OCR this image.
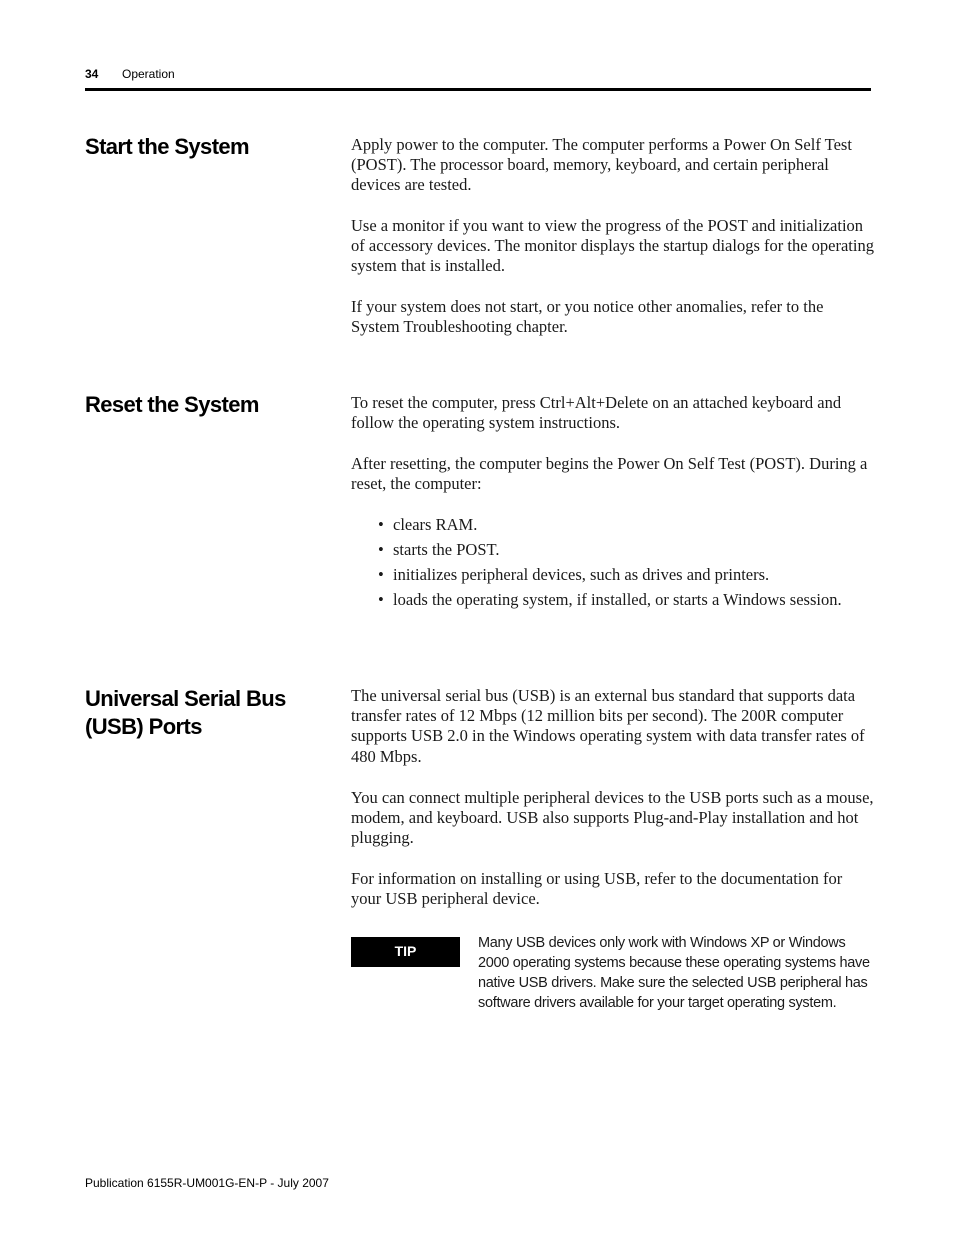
34 Operation
Start the System	Apply power to the computer. The computer performs a Power On Self Test (POST). The processor board, memory, keyboard, and certain peripheral devices are tested.

Use a monitor if you want to view the progress of the POST and initialization of accessory devices. The monitor displays the startup dialogs for the operating system that is installed.

If your system does not start, or you notice other anomalies, refer to the System Troubleshooting chapter.

Reset the System	To reset the computer, press Ctrl+Alt+Delete on an attached keyboard and follow the operating system instructions.

After resetting, the computer begins the Power On Self Test (POST). During a reset, the computer:

• clears RAM.
• starts the POST.
• initializes peripheral devices, such as drives and printers.
• loads the operating system, if installed, or starts a Windows session.
Universal Serial Bus (USB) Ports

The universal serial bus (USB) is an external bus standard that supports data transfer rates of 12 Mbps (12 million bits per second). The 200R computer supports USB 2.0 in the Windows operating system with data transfer rates of 480 Mbps.

You can connect multiple peripheral devices to the USB ports such as a mouse, modem, and keyboard. USB also supports Plug-and-Play installation and hot plugging.

For information on installing or using USB, refer to the documentation for your USB peripheral device.

TIP	Many USB devices only work with Windows XP or Windows 2000 operating systems because these operating systems have native USB drivers. Make sure the selected USB peripheral has software drivers available for your target operating system.

Publication 6155R-UM001G-EN-P - July 2007
